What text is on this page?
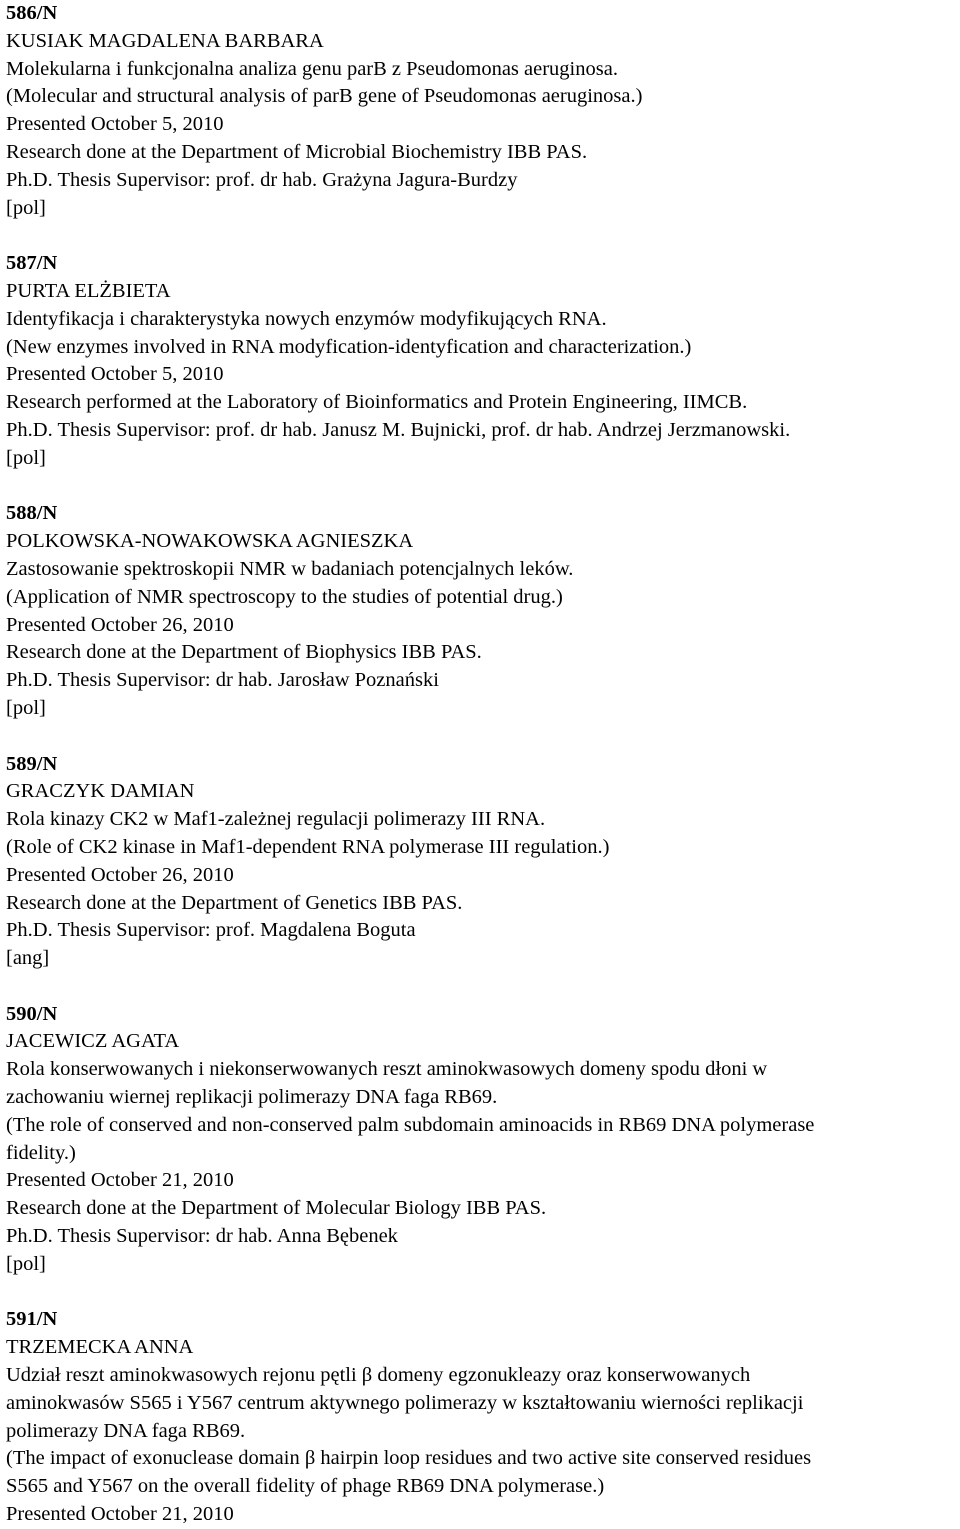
586/N
KUSIAK MAGDALENA BARBARA
Molekularna i funkcjonalna analiza genu parB z Pseudomonas aeruginosa.
(Molecular and structural analysis of parB gene of Pseudomonas aeruginosa.)
Presented October 5, 2010
Research done at the Department of Microbial Biochemistry IBB PAS.
Ph.D. Thesis Supervisor: prof. dr hab. Grażyna Jagura-Burdzy
[pol]
587/N
PURTA ELŻBIETA
Identyfikacja i charakterystyka nowych enzymów modyfikujących RNA.
(New enzymes involved in RNA modyfication-identyfication and characterization.)
Presented October 5, 2010
Research performed at the Laboratory of Bioinformatics and Protein Engineering, IIMCB.
Ph.D. Thesis Supervisor: prof. dr hab. Janusz M. Bujnicki, prof. dr hab. Andrzej Jerzmanowski.
[pol]
588/N
POLKOWSKA-NOWAKOWSKA AGNIESZKA
Zastosowanie spektroskopii NMR w badaniach potencjalnych leków.
(Application of NMR spectroscopy to the studies of potential drug.)
Presented October 26, 2010
Research done at the Department of Biophysics IBB PAS.
Ph.D. Thesis Supervisor: dr hab. Jarosław Poznański
[pol]
589/N
GRACZYK DAMIAN
Rola kinazy CK2 w Maf1-zależnej regulacji polimerazy III RNA.
(Role of CK2 kinase in Maf1-dependent RNA polymerase III regulation.)
Presented October 26, 2010
Research done at the Department of Genetics IBB PAS.
Ph.D. Thesis Supervisor: prof. Magdalena Boguta
[ang]
590/N
JACEWICZ AGATA
Rola konserwowanych i niekonserwowanych reszt aminokwasowych domeny spodu dłoni w
zachowaniu wiernej replikacji polimerazy DNA faga RB69.
(The role of conserved and non-conserved palm subdomain aminoacids in RB69 DNA polymerase
fidelity.)
Presented October 21, 2010
Research done at the Department of Molecular Biology IBB PAS.
Ph.D. Thesis Supervisor: dr hab. Anna Bębenek
[pol]
591/N
TRZEMECKA ANNA
Udział reszt aminokwasowych rejonu pętli β domeny egzonukleazy oraz konserwowanych
aminokwasów S565 i Y567 centrum aktywnego polimerazy w kształtowaniu wierności replikacji
polimerazy DNA faga RB69.
(The impact of exonuclease domain β hairpin loop residues and two active site conserved residues
S565 and Y567 on the overall fidelity of phage RB69 DNA polymerase.)
Presented October 21, 2010
